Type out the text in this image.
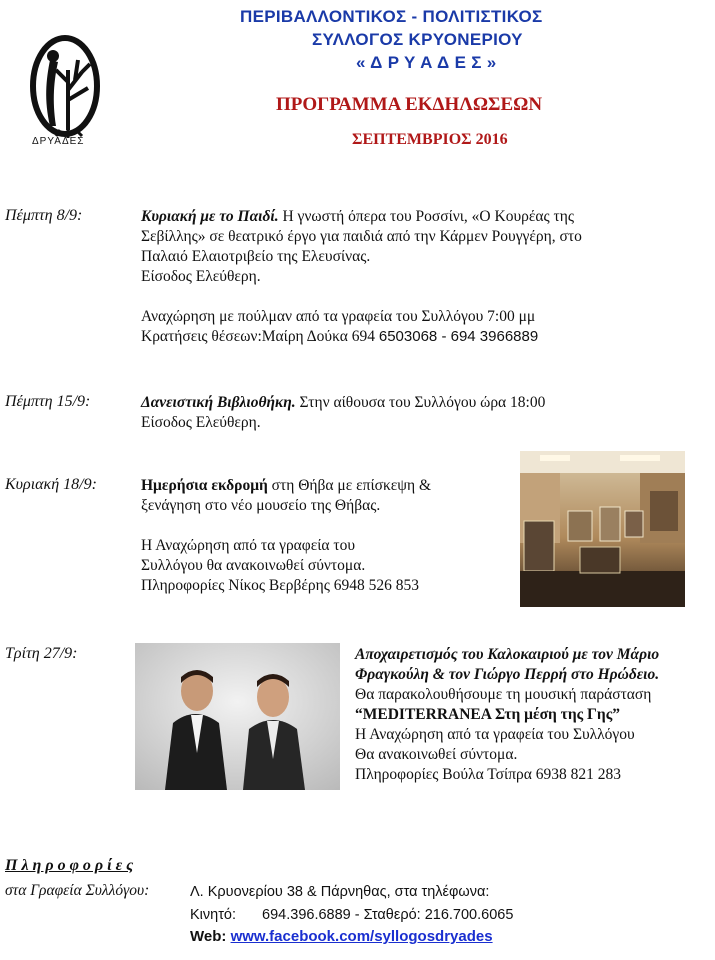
ΔΡΥΑΔΕΣ
ΠΕΡΙΒΑΛΛΟΝΤΙΚΟΣ - ΠΟΛΙΤΙΣΤΙΚΟΣ
ΣΥΛΛΟΓΟΣ ΚΡΥΟΝΕΡΙΟΥ
« Δ Ρ Υ Α Δ Ε Σ »
ΠΡΟΓΡΑΜΜΑ ΕΚΔΗΛΩΣΕΩΝ
ΣΕΠΤΕΜΒΡΙΟΣ 2016
Πέμπτη 8/9:	Κυριακή με το Παιδί. Η γνωστή όπερα του Ροσσίνι, «Ο Κουρέας της
Σεβίλλης» σε θεατρικό έργο για παιδιά από την Κάρμεν Ρουγγέρη, στο
Παλαιό Ελαιοτριβείο της Ελευσίνας.
Είσοδος Ελεύθερη.
Αναχώρηση με πούλμαν από τα γραφεία του Συλλόγου 7:00 μμ
Κρατήσεις θέσεων:Μαίρη Δούκα 694 6503068 - 694 3966889
Πέμπτη 15/9:	Δανειστική Βιβλιοθήκη. Στην αίθουσα του Συλλόγου ώρα 18:00
Είσοδος Ελεύθερη.
Κυριακή 18/9:	Ημερήσια εκδρομή στη Θήβα με επίσκεψη &
ξενάγηση στο νέο μουσείο της Θήβας.
Η Αναχώρηση από τα γραφεία του
Συλλόγου θα ανακοινωθεί σύντομα.
Πληροφορίες Νίκος Βερβέρης 6948 526 853
Τρίτη 27/9:	Αποχαιρετισμός του Καλοκαιριού με τον Μάριο
Φραγκούλη & τον Γιώργο Περρή στο Ηρώδειο.
Θα παρακολουθήσουμε τη μουσική παράσταση
“MEDITERRANEA Στη μέση της Γης”
Η Αναχώρηση από τα γραφεία του Συλλόγου
Θα ανακοινωθεί σύντομα.
Πληροφορίες Βούλα Τσίπρα 6938 821 283
Π λ η ρ ο φ ο ρ ί ε ς
στα Γραφεία Συλλόγου:	Λ. Κρυονερίου 38 & Πάρνηθας, στα τηλέφωνα:
Κινητό: 694.396.6889 - Σταθερό: 216.700.6065
Web: www.facebook.com/syllogosdryades
